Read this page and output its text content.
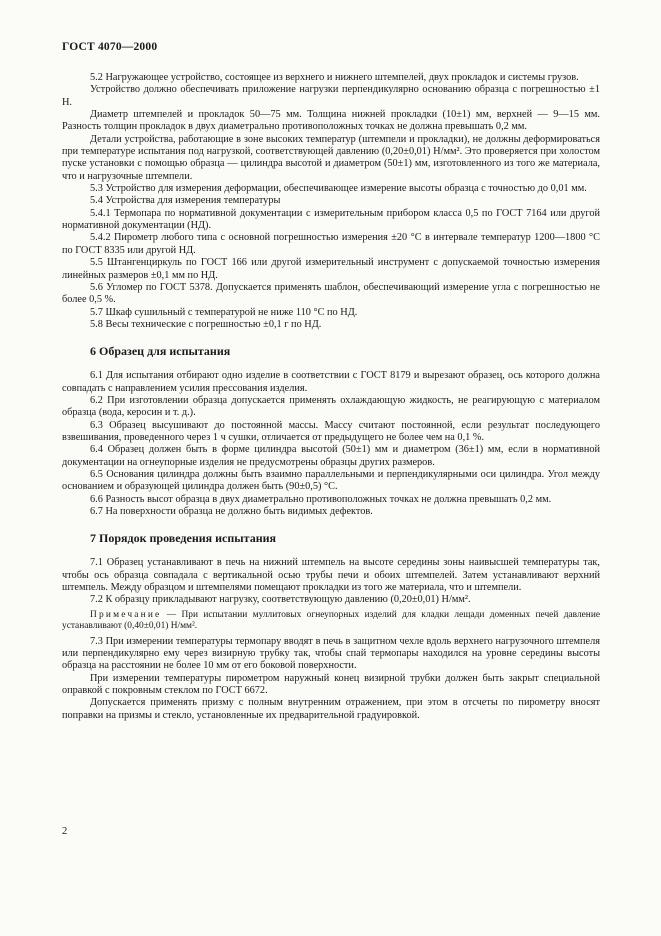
ГОСТ 4070—2000

5.2 Нагружающее устройство, состоящее из верхнего и нижнего штемпелей, двух прокладок и системы грузов.

Устройство должно обеспечивать приложение нагрузки перпендикулярно основанию образца с погрешностью ±1 Н.

Диаметр штемпелей и прокладок 50—75 мм. Толщина нижней прокладки (10±1) мм, верхней — 9—15 мм. Разность толщин прокладок в двух диаметрально противоположных точках не должна превышать 0,2 мм.

Детали устройства, работающие в зоне высоких температур (штемпели и прокладки), не должны деформироваться при температуре испытания под нагрузкой, соответствующей давлению (0,20±0,01) Н/мм². Это проверяется при холостом пуске установки с помощью образца — цилиндра высотой и диаметром (50±1) мм, изготовленного из того же материала, что и нагрузочные штемпели.

5.3 Устройство для измерения деформации, обеспечивающее измерение высоты образца с точностью до 0,01 мм.

5.4 Устройства для измерения температуры

5.4.1 Термопара по нормативной документации с измерительным прибором класса 0,5 по ГОСТ 7164 или другой нормативной документации (НД).

5.4.2 Пирометр любого типа с основной погрешностью измерения ±20 °С в интервале температур 1200—1800 °С по ГОСТ 8335 или другой НД.

5.5 Штангенциркуль по ГОСТ 166 или другой измерительный инструмент с допускаемой точностью измерения линейных размеров ±0,1 мм по НД.

5.6 Угломер по ГОСТ 5378. Допускается применять шаблон, обеспечивающий измерение угла с погрешностью не более 0,5 %.

5.7 Шкаф сушильный с температурой не ниже 110 °С по НД.

5.8 Весы технические с погрешностью ±0,1 г по НД.

6 Образец для испытания

6.1 Для испытания отбирают одно изделие в соответствии с ГОСТ 8179 и вырезают образец, ось которого должна совпадать с направлением усилия прессования изделия.

6.2 При изготовлении образца допускается применять охлаждающую жидкость, не реагирующую с материалом образца (вода, керосин и т. д.).

6.3 Образец высушивают до постоянной массы. Массу считают постоянной, если результат последующего взвешивания, проведенного через 1 ч сушки, отличается от предыдущего не более чем на 0,1 %.

6.4 Образец должен быть в форме цилиндра высотой (50±1) мм и диаметром (36±1) мм, если в нормативной документации на огнеупорные изделия не предусмотрены образцы других размеров.

6.5 Основания цилиндра должны быть взаимно параллельными и перпендикулярными оси цилиндра. Угол между основанием и образующей цилиндра должен быть (90±0,5) °С.

6.6 Разность высот образца в двух диаметрально противоположных точках не должна превышать 0,2 мм.

6.7 На поверхности образца не должно быть видимых дефектов.

7 Порядок проведения испытания

7.1 Образец устанавливают в печь на нижний штемпель на высоте середины зоны наивысшей температуры так, чтобы ось образца совпадала с вертикальной осью трубы печи и обоих штемпелей. Затем устанавливают верхний штемпель. Между образцом и штемпелями помещают прокладки из того же материала, что и штемпели.

7.2 К образцу прикладывают нагрузку, соответствующую давлению (0,20±0,01) Н/мм².

Примечание — При испытании муллитовых огнеупорных изделий для кладки лещади доменных печей давление устанавливают (0,40±0,01) Н/мм².

7.3 При измерении температуры термопару вводят в печь в защитном чехле вдоль верхнего нагрузочного штемпеля или перпендикулярно ему через визирную трубку так, чтобы спай термопары находился на уровне середины высоты образца на расстоянии не более 10 мм от его боковой поверхности.

При измерении температуры пирометром наружный конец визирной трубки должен быть закрыт специальной оправкой с покровным стеклом по ГОСТ 6672.

Допускается применять призму с полным внутренним отражением, при этом в отсчеты по пирометру вносят поправки на призмы и стекло, установленные их предварительной градуировкой.

2
